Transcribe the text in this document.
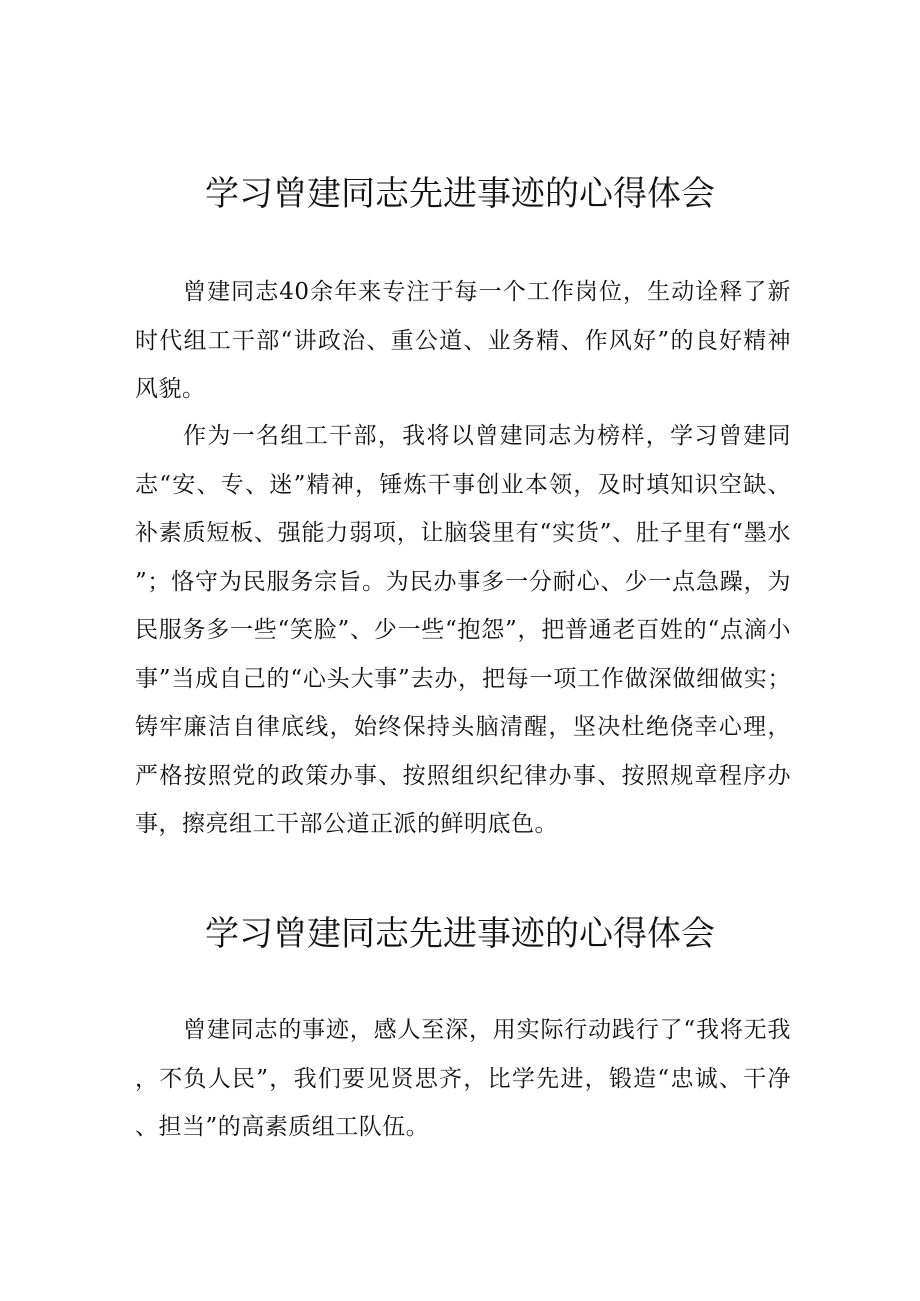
学习曾建同志先进事迹的心得体会

曾建同志40余年来专注于每一个工作岗位，生动诠释了新时代组工干部“讲政治、重公道、业务精、作风好”的良好精神风貌。

作为一名组工干部，我将以曾建同志为榜样，学习曾建同志“安、专、迷”精神，锤炼干事创业本领，及时填知识空缺、补素质短板、强能力弱项，让脑袋里有“实货”、肚子里有“墨水”；恪守为民服务宗旨。为民办事多一分耐心、少一点急躁，为民服务多一些“笑脸”、少一些“抱怨”，把普通老百姓的“点滴小事”当成自己的“心头大事”去办，把每一项工作做深做细做实；铸牢廉洁自律底线，始终保持头脑清醒，坚决杜绝侥幸心理，严格按照党的政策办事、按照组织纪律办事、按照规章程序办事，擦亮组工干部公道正派的鲜明底色。

学习曾建同志先进事迹的心得体会

曾建同志的事迹，感人至深，用实际行动践行了“我将无我，不负人民”，我们要见贤思齐，比学先进，锻造“忠诚、干净、担当”的高素质组工队伍。
